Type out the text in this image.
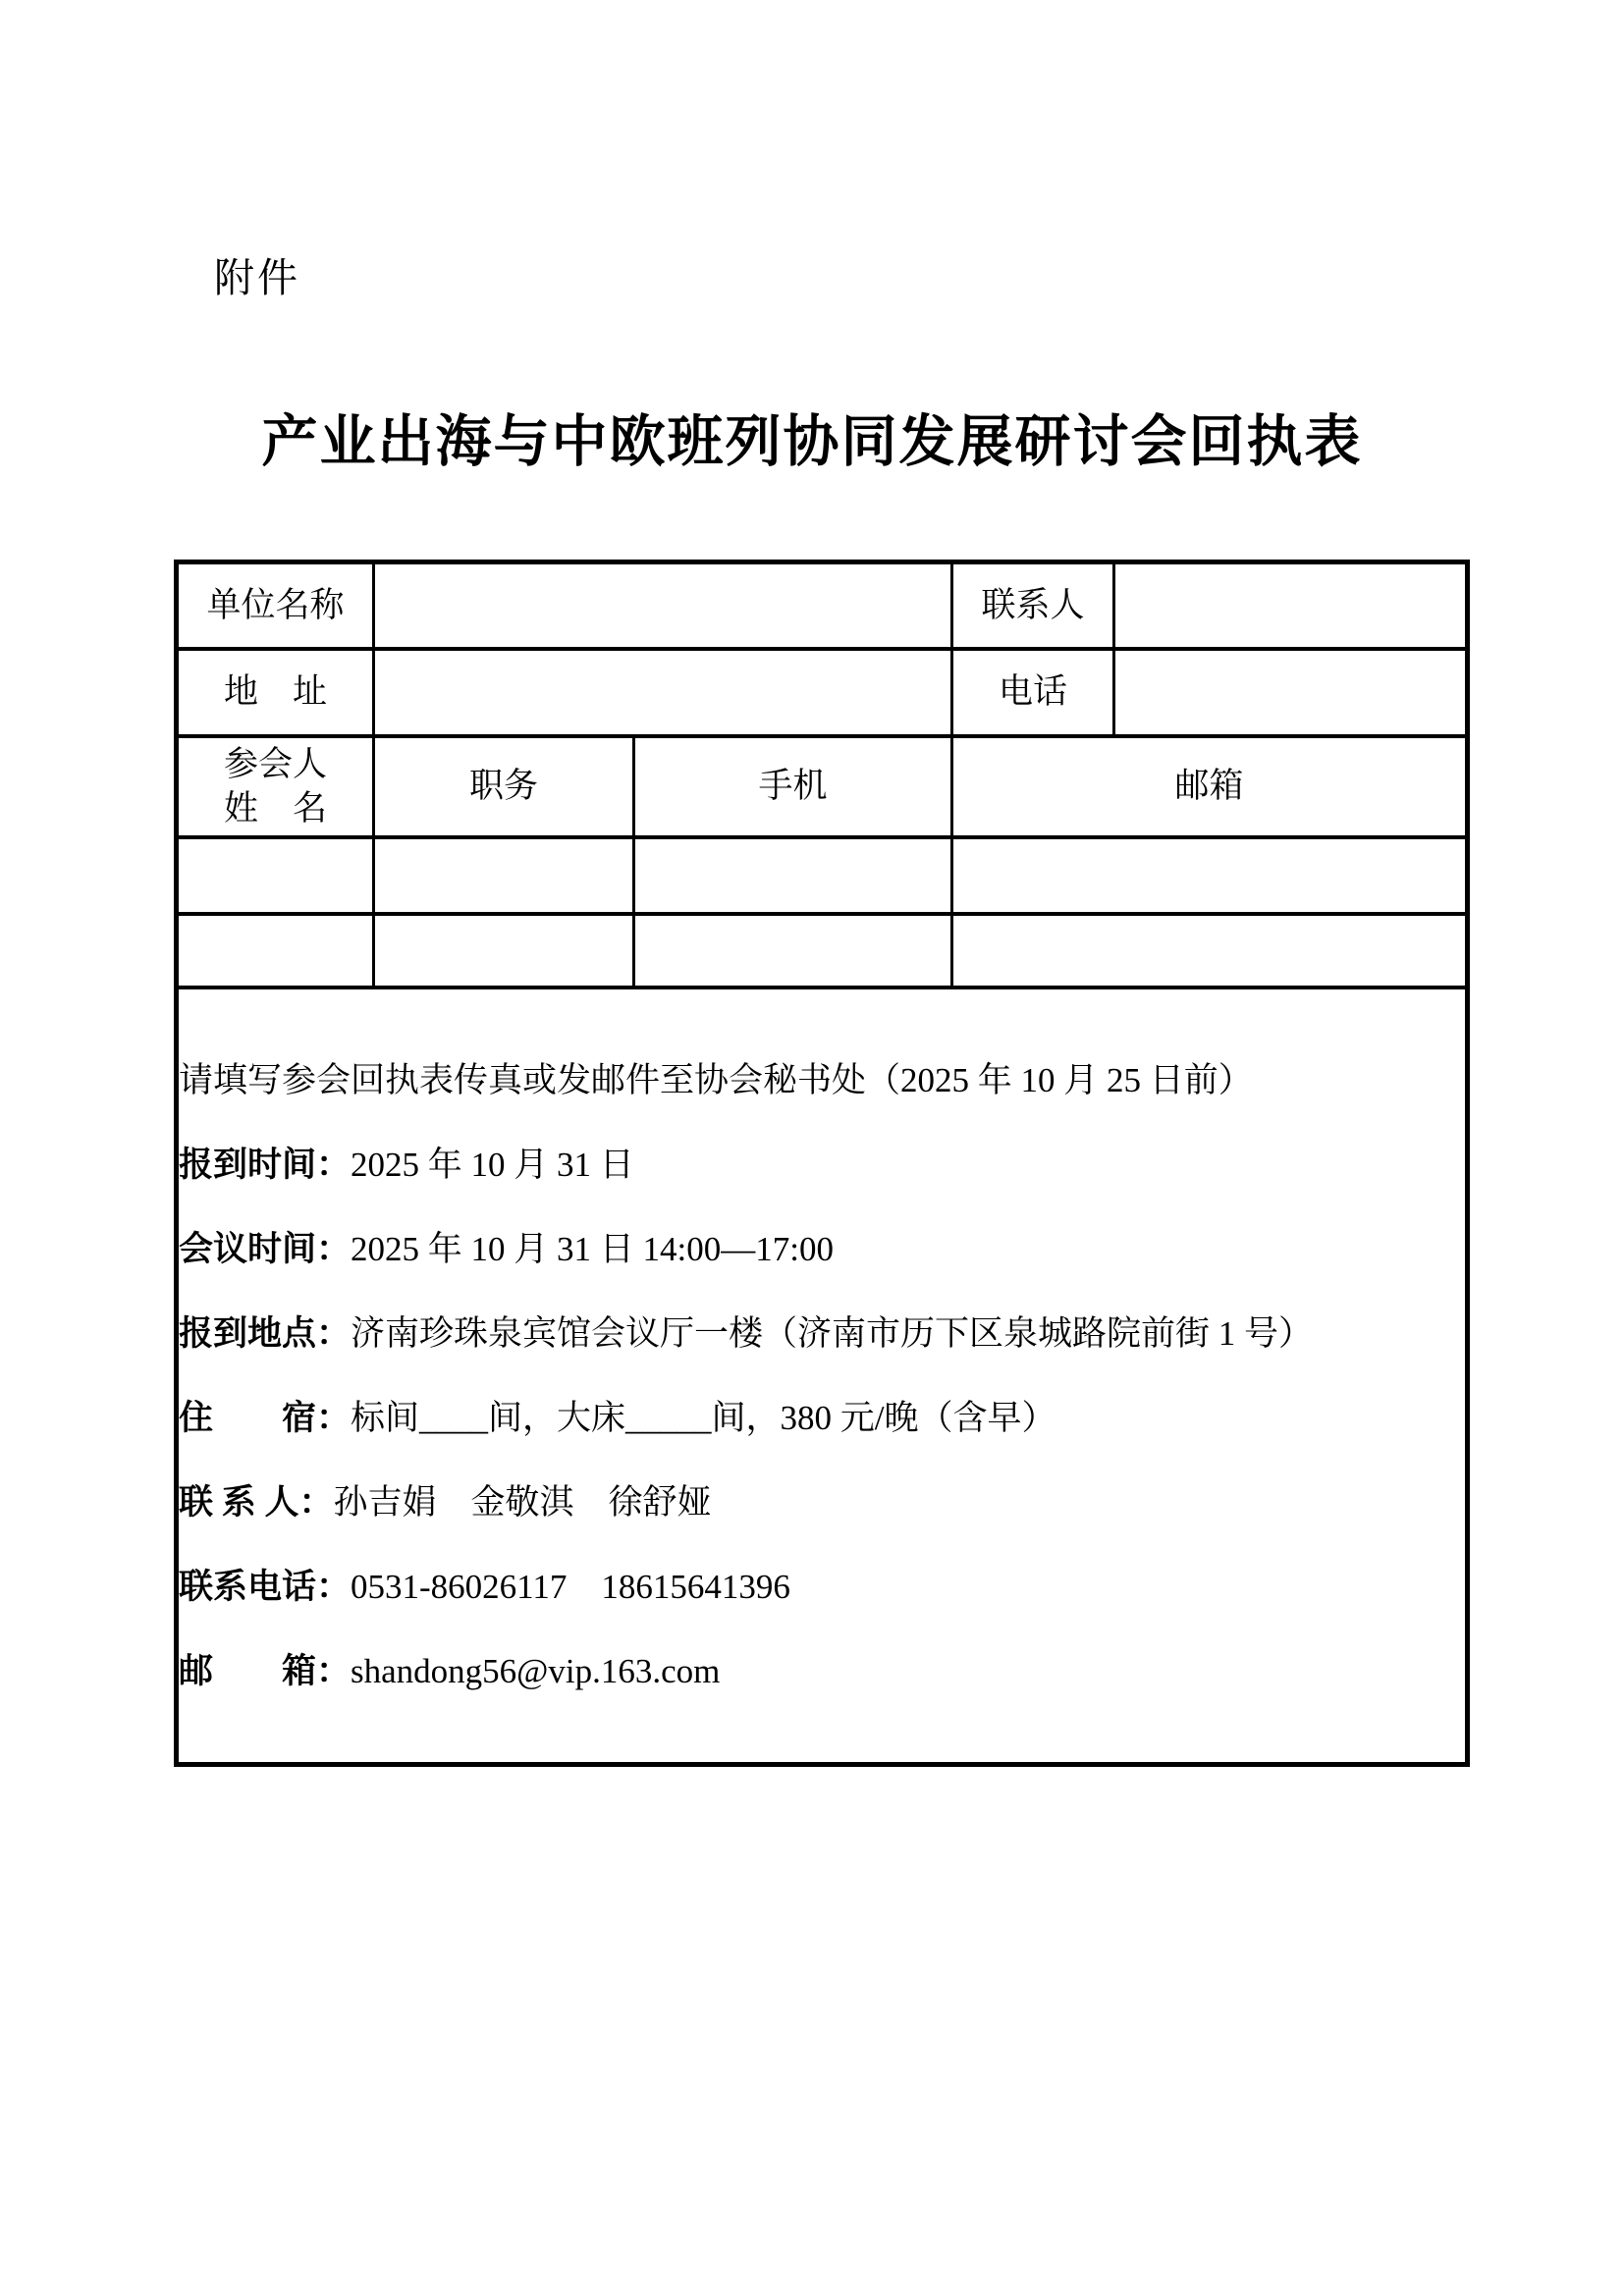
附件
产业出海与中欧班列协同发展研讨会回执表
单位名称			联系人	
地　址			电话	

参会人
姓　名	职务	手机	邮箱	

请填写参会回执表传真或发邮件至协会秘书处（2025 年 10 月 25 日前）
报到时间： 2025 年 10 月 31 日
会议时间： 2025 年 10 月 31 日 14:00—17:00
报到地点： 济南珍珠泉宾馆会议厅一楼（济南市历下区泉城路院前街 1 号）
住　　宿： 标间____间，大床_____间，380 元/晚（含早）
联 系 人： 孙吉娟　金敬淇　徐舒娅
联系电话： 0531-86026117　18615641396
邮　　箱： shandong56@vip.163.com
